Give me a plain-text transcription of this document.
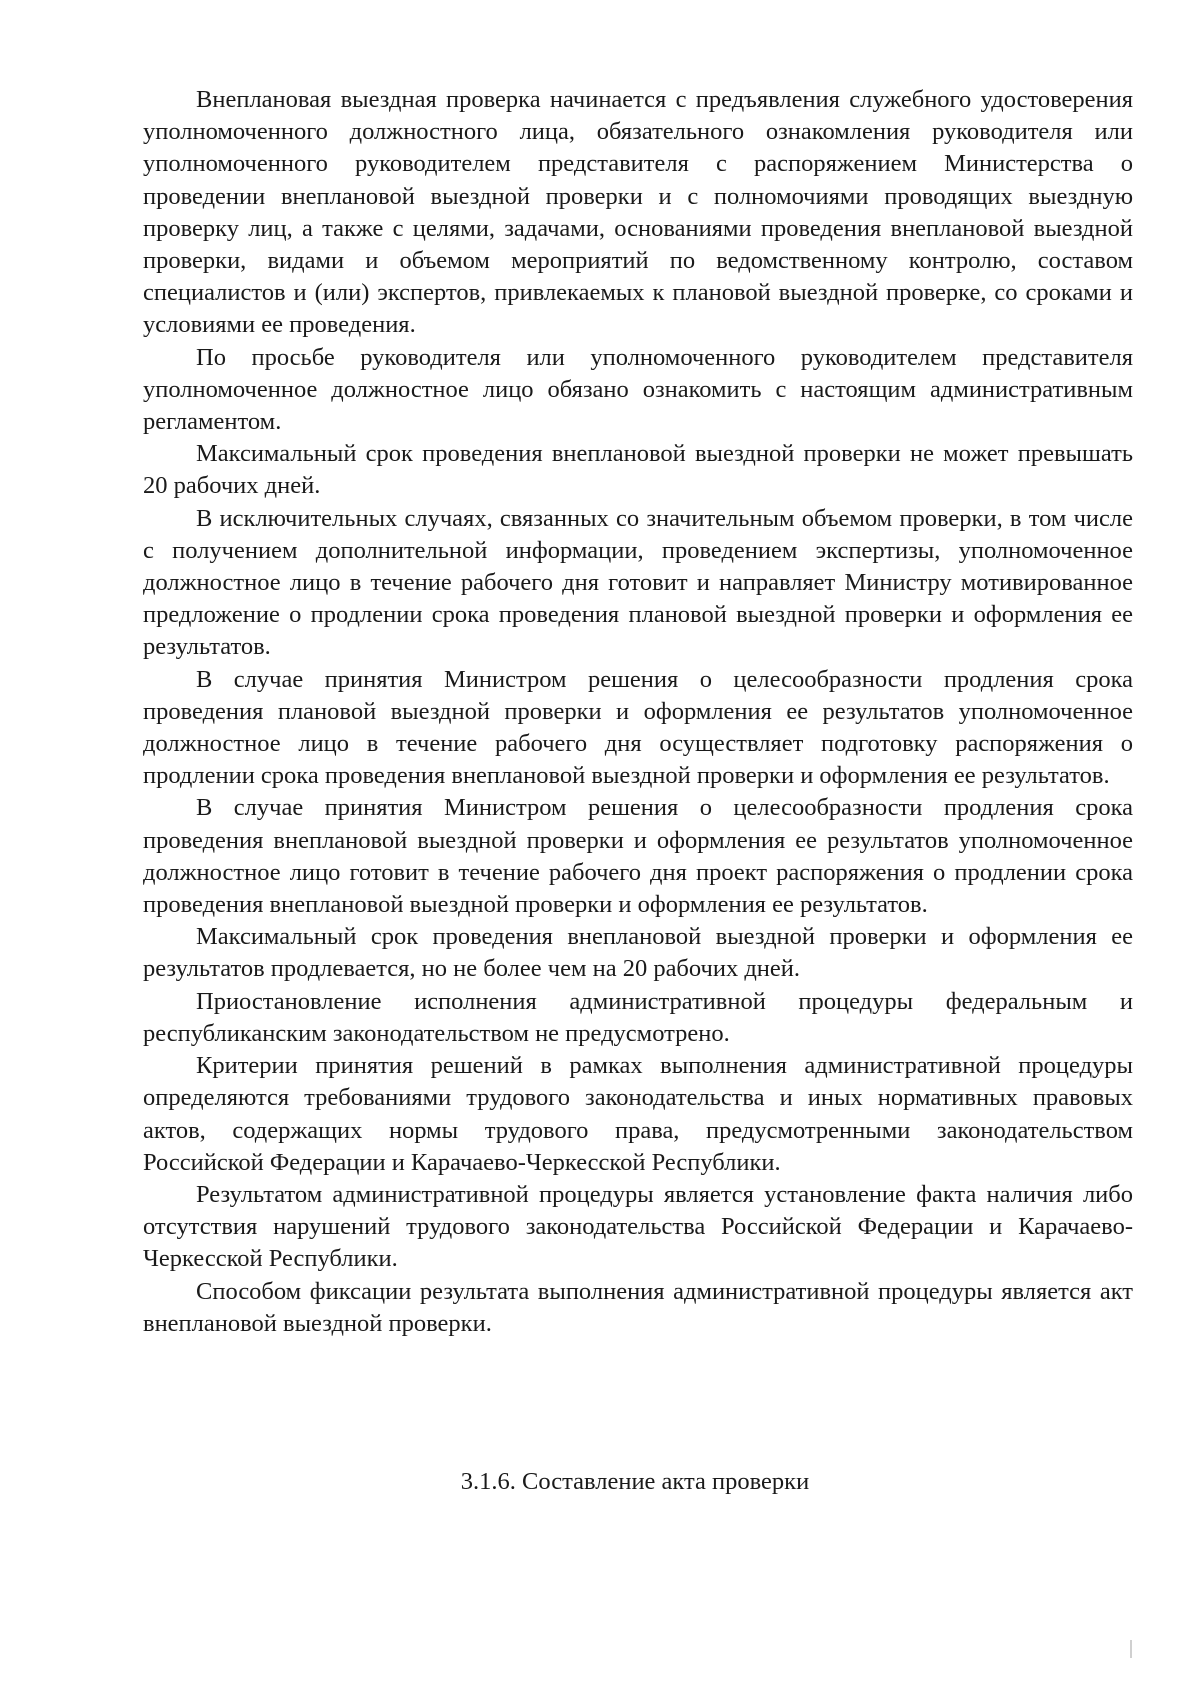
Внеплановая выездная проверка начинается с предъявления служебного удостоверения уполномоченного должностного лица, обязательного ознакомления руководителя или уполномоченного руководителем представителя с распоряжением Министерства о проведении внеплановой выездной проверки и с полномочиями проводящих выездную проверку лиц, а также с целями, задачами, основаниями проведения внеплановой выездной проверки, видами и объемом мероприятий по ведомственному контролю, составом специалистов и (или) экспертов, привлекаемых к плановой выездной проверке, со сроками и условиями ее проведения.

По просьбе руководителя или уполномоченного руководителем представителя уполномоченное должностное лицо обязано ознакомить с настоящим административным регламентом.

Максимальный срок проведения внеплановой выездной проверки не может превышать 20 рабочих дней.

В исключительных случаях, связанных со значительным объемом проверки, в том числе с получением дополнительной информации, проведением экспертизы, уполномоченное должностное лицо в течение рабочего дня готовит и направляет Министру мотивированное предложение о продлении срока проведения плановой выездной проверки и оформления ее результатов.

В случае принятия Министром решения о целесообразности продления срока проведения плановой выездной проверки и оформления ее результатов уполномоченное должностное лицо в течение рабочего дня осуществляет подготовку распоряжения о продлении срока проведения внеплановой выездной проверки и оформления ее результатов.

В случае принятия Министром решения о целесообразности продления срока проведения внеплановой выездной проверки и оформления ее результатов уполномоченное должностное лицо готовит в течение рабочего дня проект распоряжения о продлении срока проведения внеплановой выездной проверки и оформления ее результатов.

Максимальный срок проведения внеплановой выездной проверки и оформления ее результатов продлевается, но не более чем на 20 рабочих дней.

Приостановление исполнения административной процедуры федеральным и республиканским законодательством не предусмотрено.

Критерии принятия решений в рамках выполнения административной процедуры определяются требованиями трудового законодательства и иных нормативных правовых актов, содержащих нормы трудового права, предусмотренными законодательством Российской Федерации и Карачаево-Черкесской Республики.

Результатом административной процедуры является установление факта наличия либо отсутствия нарушений трудового законодательства Российской Федерации и Карачаево-Черкесской Республики.

Способом фиксации результата выполнения административной процедуры является акт внеплановой выездной проверки.

3.1.6. Составление акта проверки
